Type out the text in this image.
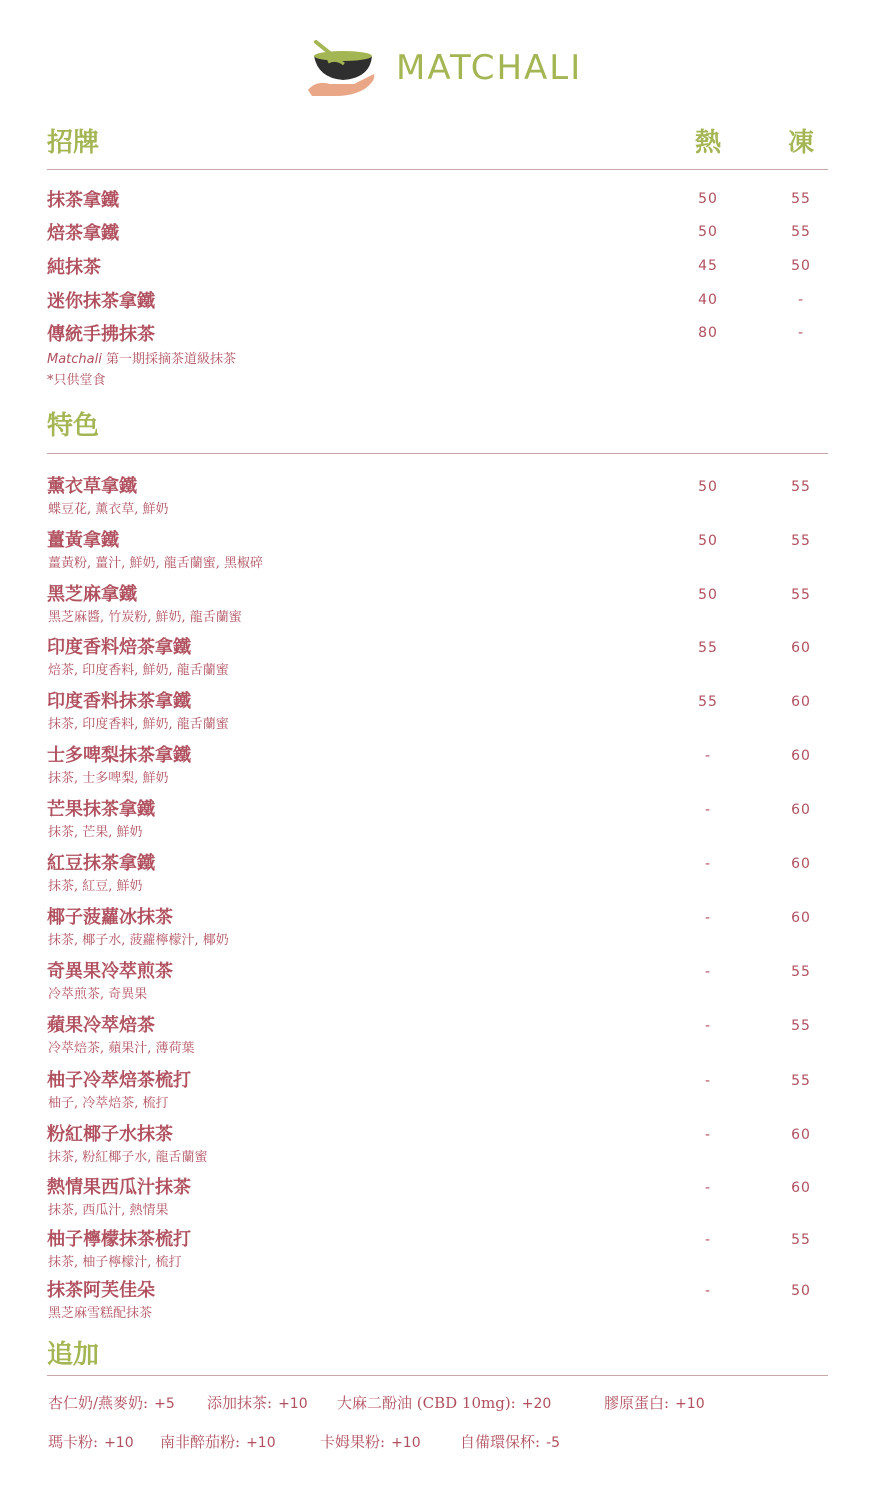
MATCHALI
招牌	熱	凍
抹茶拿鐵	50	55
焙茶拿鐵	50	55
純抹茶	45	50
迷你抹茶拿鐵	40	-
傳統手拂抹茶	80	-
Matchali 第一期採摘茶道級抹茶
*只供堂食
特色
薰衣草拿鐵
蝶豆花, 薰衣草, 鮮奶
50	55
薑黃拿鐵
薑黃粉, 薑汁, 鮮奶, 龍舌蘭蜜, 黑椒碎
50	55
黑芝麻拿鐵
黑芝麻醬, 竹炭粉, 鮮奶, 龍舌蘭蜜
50	55
印度香料焙茶拿鐵
焙茶, 印度香料, 鮮奶, 龍舌蘭蜜
55	60
印度香料抹茶拿鐵
抹茶, 印度香料, 鮮奶, 龍舌蘭蜜
55	60
士多啤梨抹茶拿鐵
抹茶, 士多啤梨, 鮮奶
-	60
芒果抹茶拿鐵
抹茶, 芒果, 鮮奶
-	60
紅豆抹茶拿鐵
抹茶, 紅豆, 鮮奶
-	60
椰子菠蘿冰抹茶
抹茶, 椰子水, 菠蘿檸檬汁, 椰奶
-	60
奇異果冷萃煎茶
冷萃煎茶, 奇異果
-	55
蘋果冷萃焙茶
冷萃焙茶, 蘋果汁, 薄荷葉
-	55
柚子冷萃焙茶梳打
柚子, 冷萃焙茶, 梳打
-	55
粉紅椰子水抹茶
抹茶, 粉紅椰子水, 龍舌蘭蜜
-	60
熱情果西瓜汁抹茶
抹茶, 西瓜汁, 熱情果
-	60
柚子檸檬抹茶梳打
抹茶, 柚子檸檬汁, 梳打
-	55
抹茶阿芙佳朵
黑芝麻雪糕配抹茶
-	50
追加
杏仁奶/燕麥奶: +5 添加抹茶: +10 大麻二酚油 (CBD 10mg): +20	膠原蛋白: +10
瑪卡粉: +10 南非醉茄粉: +10	卡姆果粉: +10	自備環保杯: -5
